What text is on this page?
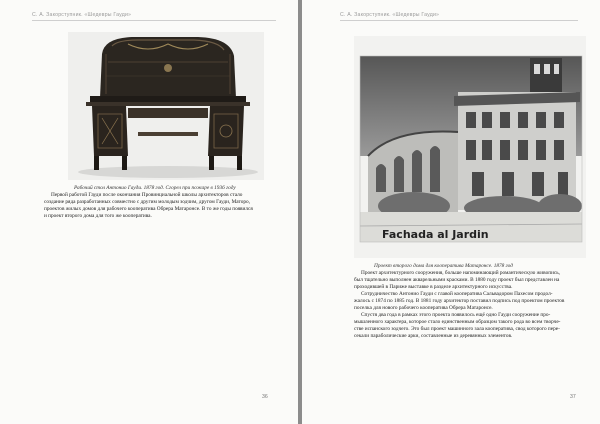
С. А. Закорступник. «Шедевры Гауди»
Рабочий стол Антонио Гауди. 1878 год. Сгорел при пожаре в 1936 году

Первой работой Гауди после окончания Провинциальной школы архитекторов стало

создание ряда разработанных совместно с другим молодым зодчим, другом Гауди, Маторо,
проектов жилых домов для рабочего кооператива Обрера Матаронсе. В то же годы появился
и проект второго дома для того же кооператива.
36
С. А. Закорступник. «Шедевры Гауди»
Fachada al Jardin
Проект второго дома для кооператива Матаронсе. 1878 год

Проект архитектурного сооружения, больше напоминающий романтическую живопись,

был тщательно выполнен акварельными красками. В 1880 году проект был представлен на
проходившей в Париже выставке в разделе архитектурного искусства.

Сотрудничество Антонио Гауди с главой кооператива Сальвадором Пахесом продол-

жалось с 1874 по 1885 год. В 1881 году архитектор поставил подпись под проектом проектов
поселка для нового рабочего кооператива Обрера Матаронсе.

Спустя два года в рамках этого проекта появилось ещё одно Гауди сооружение про-

мышленного характера, которое стало единственным образцом такого рода во всем творче-
стве испанского зодчего. Это был проект машинного зала кооператива, свод которого пере-
секали параболические арки, составленные из деревянных элементов.
37
